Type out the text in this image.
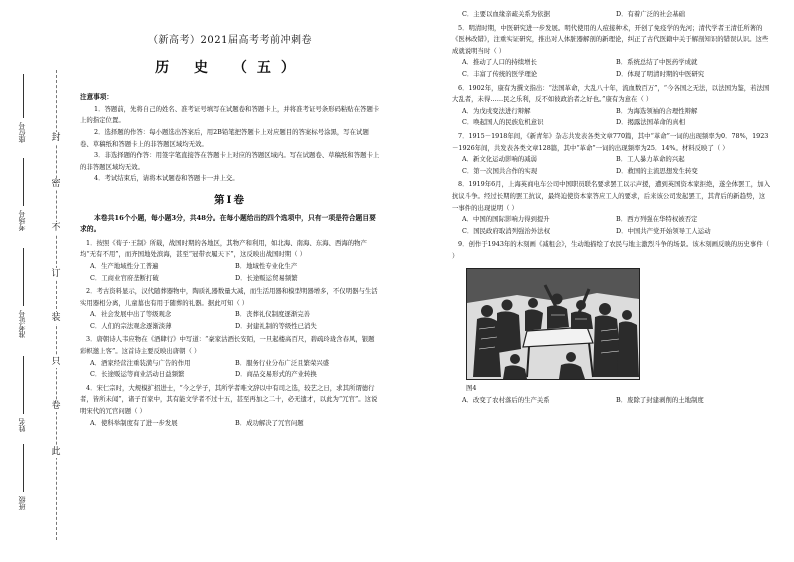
封
密
不
订
装
只
卷
此
座位号
考场号
准考证号
姓名
班级
（新高考）2021届高考考前冲刺卷
历 史 （五）
注意事项：
1．答题前，先将自己的姓名、准考证号填写在试题卷和答题卡上，并将准考证号条形码粘贴在答题卡上的指定位置。
2．选择题的作答：每小题选出答案后，用2B铅笔把答题卡上对应题目的答案标号涂黑，写在试题卷、草稿纸和答题卡上的非答题区域均无效。
3．非选择题的作答：用签字笔直接答在答题卡上对应的答题区域内。写在试题卷、草稿纸和答题卡上的非答题区域均无效。
4．考试结束后，请将本试题卷和答题卡一并上交。
第Ⅰ卷
本卷共16个小题，每小题3分，共48分。在每小题给出的四个选项中，只有一项是符合题目要求的。

1．按照《荀子·王制》所载，战国时期的各地区，其物产和利用，如北海、南海、东海、西海的物产均“无有不用”，而齐国地处滨海，甚至“冠带衣履天下”，这反映出战国时期（ ）

A．生产地域性分工普遍	B．地域性专业化生产
C．工商业官府垄断打破	D．长途贩运贸易频繁

2．考古资料显示，汉代随葬器物中，陶质礼器数量大减，而生活用器和模型明器增多，不仅明器与生活实用器相分离，儿童墓也有用于随葬的礼器。据此可知（ ）

A．社会发展中出了等级观念	B．丧葬礼仪制度逐渐完善
C．人们的宗法观念逐渐淡薄	D．封建礼制的等级性已消失

3．唐朝诗人韦应物在《酒肆行》中写道：“豪家沽酒长安陌，一旦起楼高百尺，碧疏玲珑含春风，银题彩帜邀上客”。这首诗主要反映出唐朝（ ）

A．酒家经营注重装潢与广告的作用	B．服务行业分布广泛且繁荣兴盛
C．长途贩运等商业活动日益频繁	D．商品交易形式的产业转换

4．宋仁宗时，大规模扩招进士，“今之学子，其所学者唯文辞以中有司之选，较艺之日，求其所谓德行者，皆所未闻”，诸子百家中，其有能文学者不过十五，甚至再加之二十，必无遗才，以此为“冗官”。这说明宋代的冗官问题（ ）

A．使科举制度有了进一步发展	B．成功解决了冗官问题
C．主要以血缘亲疏关系为依据	D．有着广泛的社会基础

5．明清时期，中医研究进一步发展。明代使用的人痘接种术，开创了免疫学的先河；清代学者王清任所著的《医林改错》，注重实证研究，推出对人体脏器解剖的新理论，纠正了古代医籍中关于解剖知识的错误认识。这些成就说明当时（ ）

A．推动了人口的持续增长	B．系统总结了中医药学成就
C．丰富了传统的医学理论	D．体现了明清时期的中医研究

6．1902年，康有为撰文指出：“法国革命，大乱八十年，流血数百万”，“今各国之无法，以法国为鉴，若法国大乱者，未得……民之乐利，反不如彼政治者之好也。”康有为意在（ ）

A．为戊戌变法进行辩解	B．为海选领袖的合理性辩解
C．唤起国人的民族危机意识	D．揭露法国革命的真相

7．1915－1918年间，《新青年》杂志共发表各类文章770篇，其中“革命”一词的出现频率为0．78%，1923－1926年间，共发表各类文章128篇，其中“革命”一词的出现频率为25．14%。材料反映了（ ）

A．新文化运动影响的减弱	B．工人暴力革命的兴起
C．第一次国共合作的实现	D．救国的主流思想发生转变

8．1919年6月，上海英商电车公司中国职员联名要求罢工以示声援，遭到英国资本家拒绝，遂全体罢工，加入抗议斗争。经过长期的罢工抗议，最终迫使资本家答应工人的要求，后来该公司发起罢工，其背后的新趋势，这一事件的出现说明（ ）

A．中国的国际影响力得到提升	B．西方列强在华特权被否定
C．国民政府取消列强治外法权	D．中国共产党开始领导工人运动

9．创作于1943年的木刻画《减租会》，生动地描绘了农民与地主激烈斗争的场景。该木刻画反映的历史事件（ ）

图4
A．改变了农村落后的生产关系	B．废除了封建剥削的土地制度
